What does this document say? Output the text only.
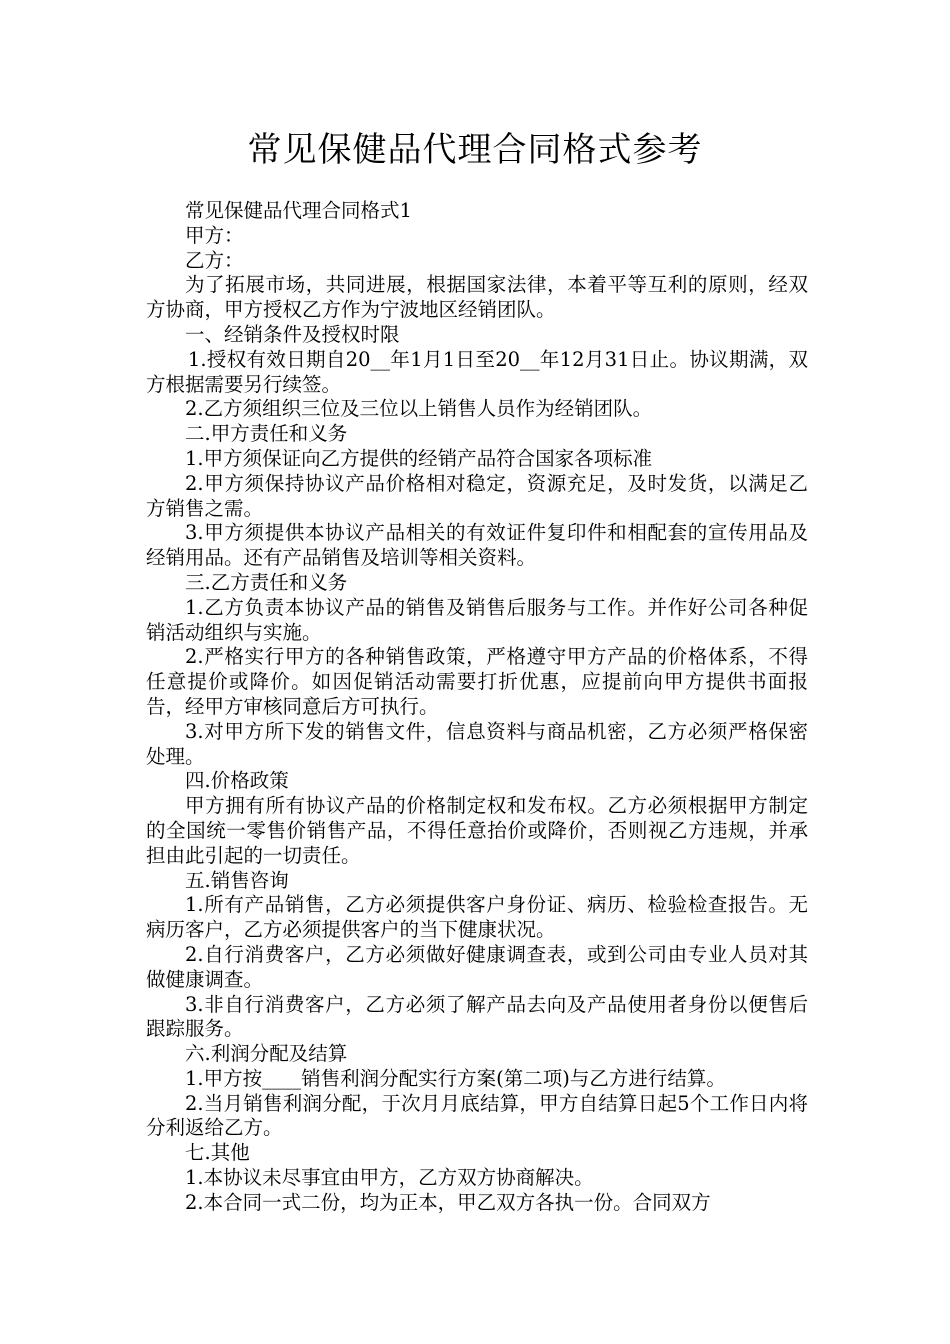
常见保健品代理合同格式参考

常见保健品代理合同格式1

甲方：

乙方：

为了拓展市场，共同进展，根据国家法律，本着平等互利的原则，经双方协商，甲方授权乙方作为宁波地区经销团队。

一、经销条件及授权时限

1.授权有效日期自20__年1月1日至20__年12月31日止。协议期满，双方根据需要另行续签。

2.乙方须组织三位及三位以上销售人员作为经销团队。

二.甲方责任和义务

1.甲方须保证向乙方提供的经销产品符合国家各项标准

2.甲方须保持协议产品价格相对稳定，资源充足，及时发货，以满足乙方销售之需。

3.甲方须提供本协议产品相关的有效证件复印件和相配套的宣传用品及经销用品。还有产品销售及培训等相关资料。

三.乙方责任和义务

1.乙方负责本协议产品的销售及销售后服务与工作。并作好公司各种促销活动组织与实施。

2.严格实行甲方的各种销售政策，严格遵守甲方产品的价格体系，不得任意提价或降价。如因促销活动需要打折优惠，应提前向甲方提供书面报告，经甲方审核同意后方可执行。

3.对甲方所下发的销售文件，信息资料与商品机密，乙方必须严格保密处理。

四.价格政策

甲方拥有所有协议产品的价格制定权和发布权。乙方必须根据甲方制定的全国统一零售价销售产品，不得任意抬价或降价，否则视乙方违规，并承担由此引起的一切责任。

五.销售咨询

1.所有产品销售，乙方必须提供客户身份证、病历、检验检查报告。无病历客户，乙方必须提供客户的当下健康状况。

2.自行消费客户，乙方必须做好健康调查表，或到公司由专业人员对其做健康调查。

3.非自行消费客户，乙方必须了解产品去向及产品使用者身份以便售后跟踪服务。

六.利润分配及结算

1.甲方按____销售利润分配实行方案(第二项)与乙方进行结算。

2.当月销售利润分配，于次月月底结算，甲方自结算日起5个工作日内将分利返给乙方。

七.其他

1.本协议未尽事宜由甲方，乙方双方协商解决。

2.本合同一式二份，均为正本，甲乙双方各执一份。合同双方
